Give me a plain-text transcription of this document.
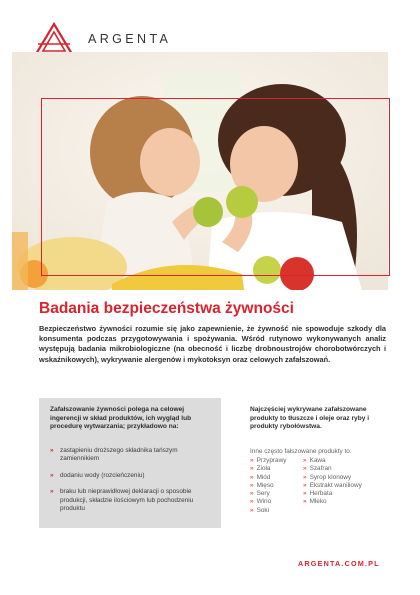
ARGENTA
Badania bezpieczeństwa żywności

Bezpieczeństwo żywności rozumie się jako zapewnienie, że żywność nie spowoduje szkody dla konsumenta podczas przygotowywania i spożywania. Wśród rutynowo wykonywanych analiz występują badania mikrobiologiczne (na obecność i liczbę drobnoustrojów chorobotwórczych i wskaźnikowych), wykrywanie alergenów i mykotoksyn oraz celowych zafałszowań.

Zafałszowanie żywności polega na celowej ingerencji w skład produktów, ich wygląd lub procedurę wytwarzania; przykładowo na:

» zastąpieniu droższego składnika tańszym zamiennikiem
» dodaniu wody (rozcieńczeniu)
» braku lub nieprawidłowej deklaracji o sposobie produkcji, składzie ilościowym lub pochodzeniu produktu

Najczęściej wykrywane zafałszowane produkty to tłuszcze i oleje oraz ryby i produkty rybołówstwa.

Inne często fałszowane produkty to:

» Przyprawy
» Zioła
» Miód
» Mięso
» Sery
» Wino
» Soki
» Kawa
» Szafran
» Syrop klonowy
» Ekstrakt waniliowy
» Herbata
» Mleko
ARGENTA.COM.PL
